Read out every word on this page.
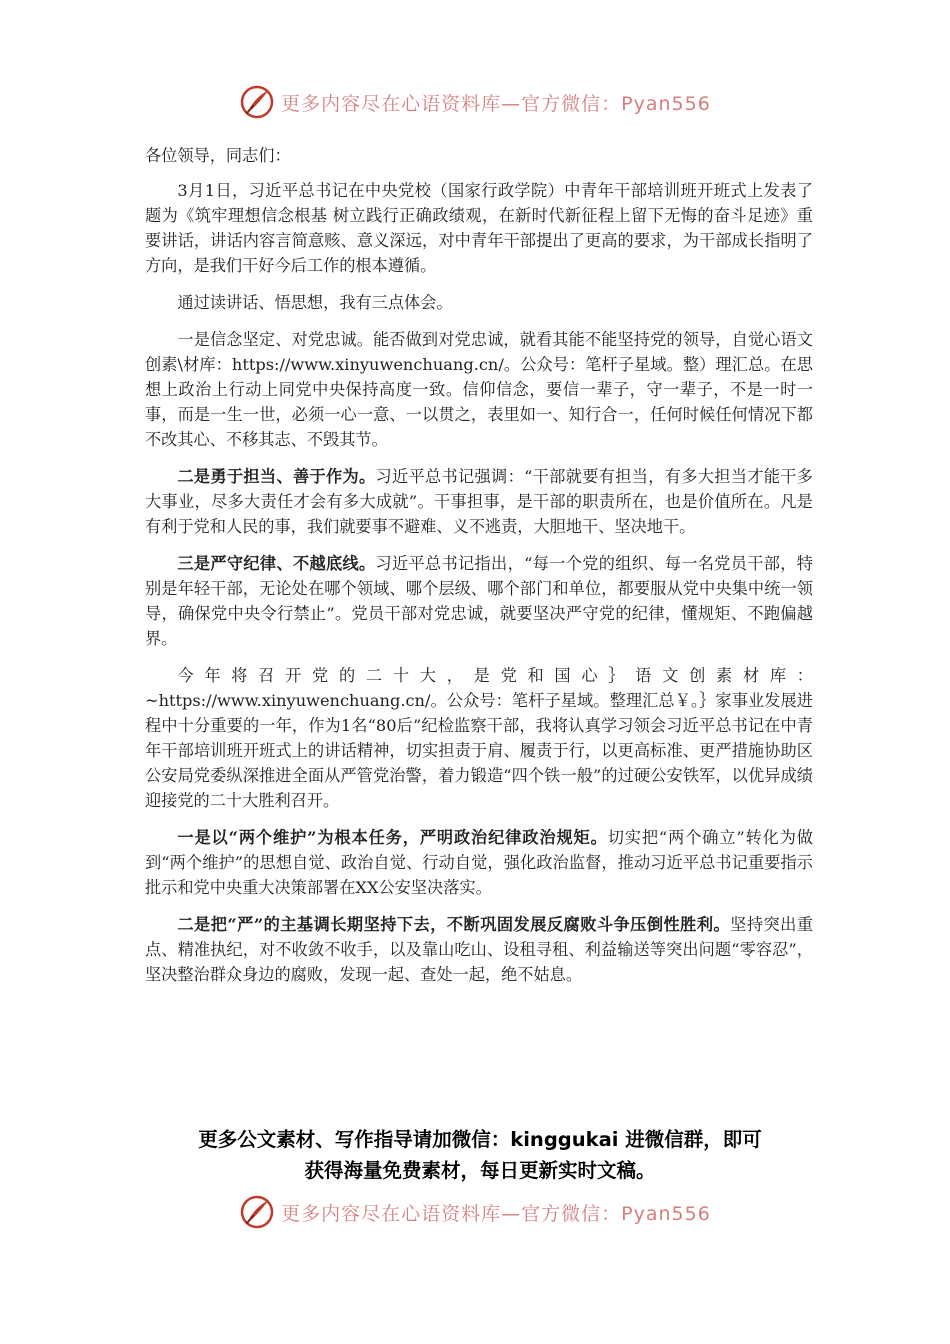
更多内容尽在心语资料库—官方微信：Pyan556

各位领导，同志们：

3月1日，习近平总书记在中央党校（国家行政学院）中青年干部培训班开班式上发表了题为《筑牢理想信念根基 树立践行正确政绩观，在新时代新征程上留下无悔的奋斗足迹》重要讲话，讲话内容言简意赅、意义深远，对中青年干部提出了更高的要求，为干部成长指明了方向，是我们干好今后工作的根本遵循。

通过读讲话、悟思想，我有三点体会。

一是信念坚定、对党忠诚。能否做到对党忠诚，就看其能不能坚持党的领导，自觉心语文创素\材库：https://www.xinyuwenchuang.cn/。公众号：笔杆子星域。整）理汇总。在思想上政治上行动上同党中央保持高度一致。信仰信念，要信一辈子，守一辈子，不是一时一事，而是一生一世，必须一心一意、一以贯之，表里如一、知行合一，任何时候任何情况下都不改其心、不移其志、不毁其节。

二是勇于担当、善于作为。习近平总书记强调：“干部就要有担当，有多大担当才能干多大事业，尽多大责任才会有多大成就”。干事担事，是干部的职责所在，也是价值所在。凡是有利于党和人民的事，我们就要事不避难、义不逃责，大胆地干、坚决地干。

三是严守纪律、不越底线。习近平总书记指出，“每一个党的组织、每一名党员干部，特别是年轻干部，无论处在哪个领域、哪个层级、哪个部门和单位，都要服从党中央集中统一领导，确保党中央令行禁止”。党员干部对党忠诚，就要坚决严守党的纪律，懂规矩、不跑偏越界。

今年将召开党的二十大，是党和国心｝语文创素材库：~https://www.xinyuwenchuang.cn/。公众号：笔杆子星域。整理汇总￥。｝家事业发展进程中十分重要的一年，作为1名“80后”纪检监察干部，我将认真学习领会习近平总书记在中青年干部培训班开班式上的讲话精神，切实担责于肩、履责于行，以更高标准、更严措施协助区公安局党委纵深推进全面从严管党治警，着力锻造“四个铁一般”的过硬公安铁军，以优异成绩迎接党的二十大胜利召开。

一是以“两个维护”为根本任务，严明政治纪律政治规矩。切实把“两个确立”转化为做到“两个维护”的思想自觉、政治自觉、行动自觉，强化政治监督，推动习近平总书记重要指示批示和党中央重大决策部署在XX公安坚决落实。

二是把“严”的主基调长期坚持下去，不断巩固发展反腐败斗争压倒性胜利。坚持突出重点、精准执纪，对不收敛不收手，以及靠山吃山、设租寻租、利益输送等突出问题“零容忍”，坚决整治群众身边的腐败，发现一起、查处一起，绝不姑息。

更多公文素材、写作指导请加微信：kinggukai 进微信群，即可
获得海量免费素材，每日更新实时文稿。
更多内容尽在心语资料库—官方微信：Pyan556
